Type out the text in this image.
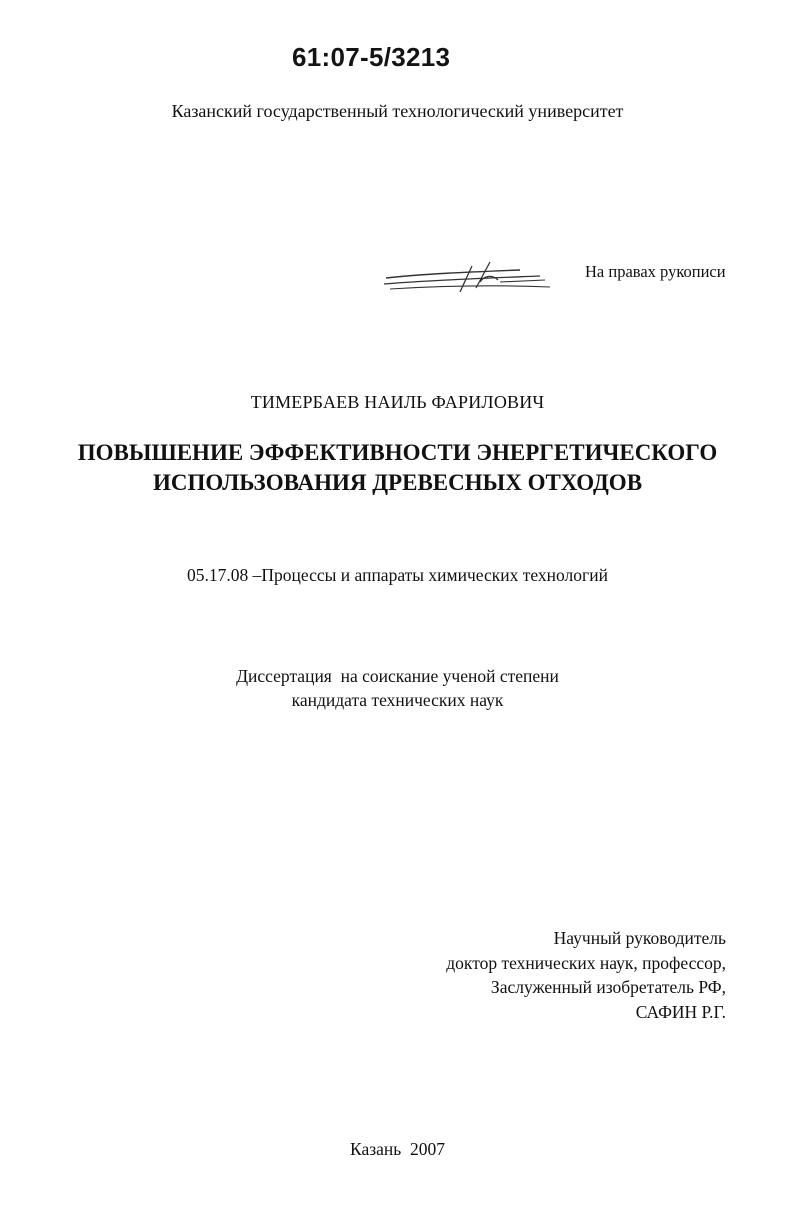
61:07-5/3213
Казанский государственный технологический университет
На правах рукописи
ТИМЕРБАЕВ НАИЛЬ ФАРИЛОВИЧ
ПОВЫШЕНИЕ ЭФФЕКТИВНОСТИ ЭНЕРГЕТИЧЕСКОГО
ИСПОЛЬЗОВАНИЯ ДРЕВЕСНЫХ ОТХОДОВ
05.17.08 –Процессы и аппараты химических технологий
Диссертация  на соискание ученой степени
кандидата технических наук
Научный руководитель
доктор технических наук, профессор,
Заслуженный изобретатель РФ,
САФИН Р.Г.
Казань  2007
